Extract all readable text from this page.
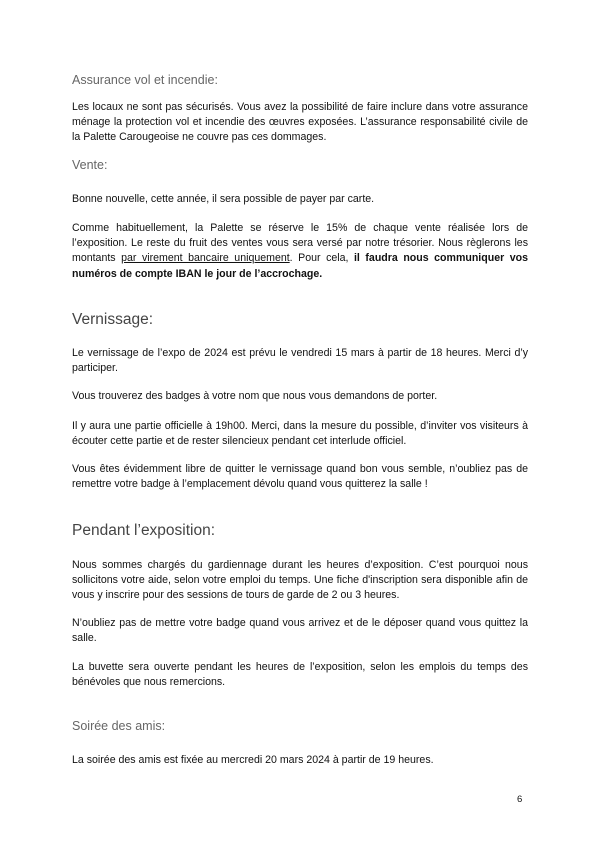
Assurance vol et incendie:

Les locaux ne sont pas sécurisés. Vous avez la possibilité de faire inclure dans votre assurance ménage la protection vol et incendie des œuvres exposées. L’assurance responsabilité civile de la Palette Carougeoise ne couvre pas ces dommages.

Vente:

Bonne nouvelle, cette année, il sera possible de payer par carte.

Comme habituellement, la Palette se réserve le 15% de chaque vente réalisée lors de l’exposition. Le reste du fruit des ventes vous sera versé par notre trésorier. Nous règlerons les montants par virement bancaire uniquement. Pour cela, il faudra nous communiquer vos numéros de compte IBAN le jour de l’accrochage.

Vernissage:

Le vernissage de l’expo de 2024 est prévu le vendredi 15 mars à partir de 18 heures. Merci d’y participer.

Vous trouverez des badges à votre nom que nous vous demandons de porter.

Il y aura une partie officielle à 19h00. Merci, dans la mesure du possible, d’inviter vos visiteurs à écouter cette partie et de rester silencieux pendant cet interlude officiel.

Vous êtes évidemment libre de quitter le vernissage quand bon vous semble, n’oubliez pas de remettre votre badge à l’emplacement dévolu quand vous quitterez la salle !

Pendant l’exposition:

Nous sommes chargés du gardiennage durant les heures d’exposition. C’est pourquoi nous sollicitons votre aide, selon votre emploi du temps. Une fiche d'inscription sera disponible afin de vous y inscrire pour des sessions de tours de garde de 2 ou 3 heures.

N’oubliez pas de mettre votre badge quand vous arrivez et de le déposer quand vous quittez la salle.

La buvette sera ouverte pendant les heures de l’exposition, selon les emplois du temps des bénévoles que nous remercions.

Soirée des amis:

La soirée des amis est fixée au mercredi 20 mars 2024 à partir de 19 heures.

6
